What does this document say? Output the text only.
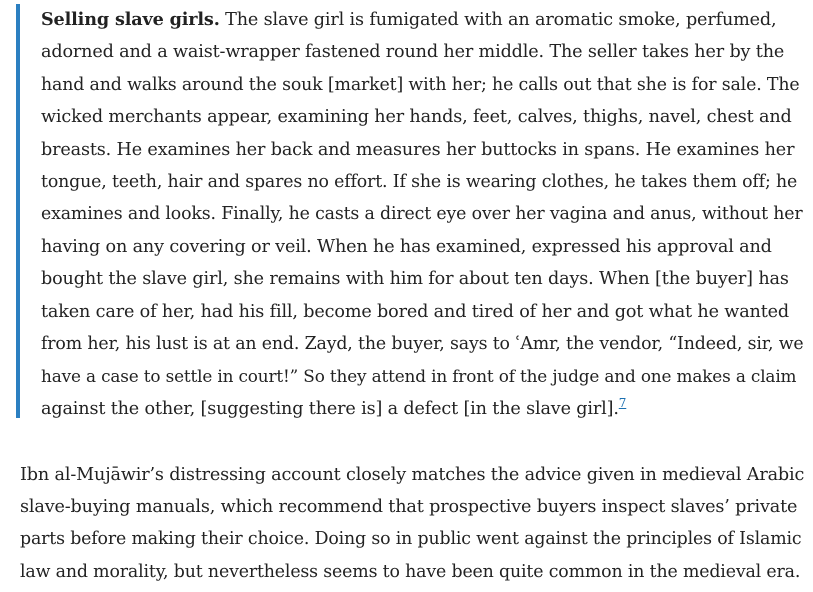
Selling slave girls. The slave girl is fumigated with an aromatic smoke, perfumed,
adorned and a waist-wrapper fastened round her middle. The seller takes her by the
hand and walks around the souk [market] with her; he calls out that she is for sale. The
wicked merchants appear, examining her hands, feet, calves, thighs, navel, chest and
breasts. He examines her back and measures her buttocks in spans. He examines her
tongue, teeth, hair and spares no effort. If she is wearing clothes, he takes them off; he
examines and looks. Finally, he casts a direct eye over her vagina and anus, without her
having on any covering or veil. When he has examined, expressed his approval and
bought the slave girl, she remains with him for about ten days. When [the buyer] has
taken care of her, had his fill, become bored and tired of her and got what he wanted
from her, his lust is at an end. Zayd, the buyer, says to ʿAmr, the vendor, “Indeed, sir, we
have a case to settle in court!” So they attend in front of the judge and one makes a claim
against the other, [suggesting there is] a defect [in the slave girl].$^7$
Ibn al-Mujāwir’s distressing account closely matches the advice given in medieval Arabic
slave-buying manuals, which recommend that prospective buyers inspect slaves’ private
parts before making their choice. Doing so in public went against the principles of Islamic
law and morality, but nevertheless seems to have been quite common in the medieval era.
